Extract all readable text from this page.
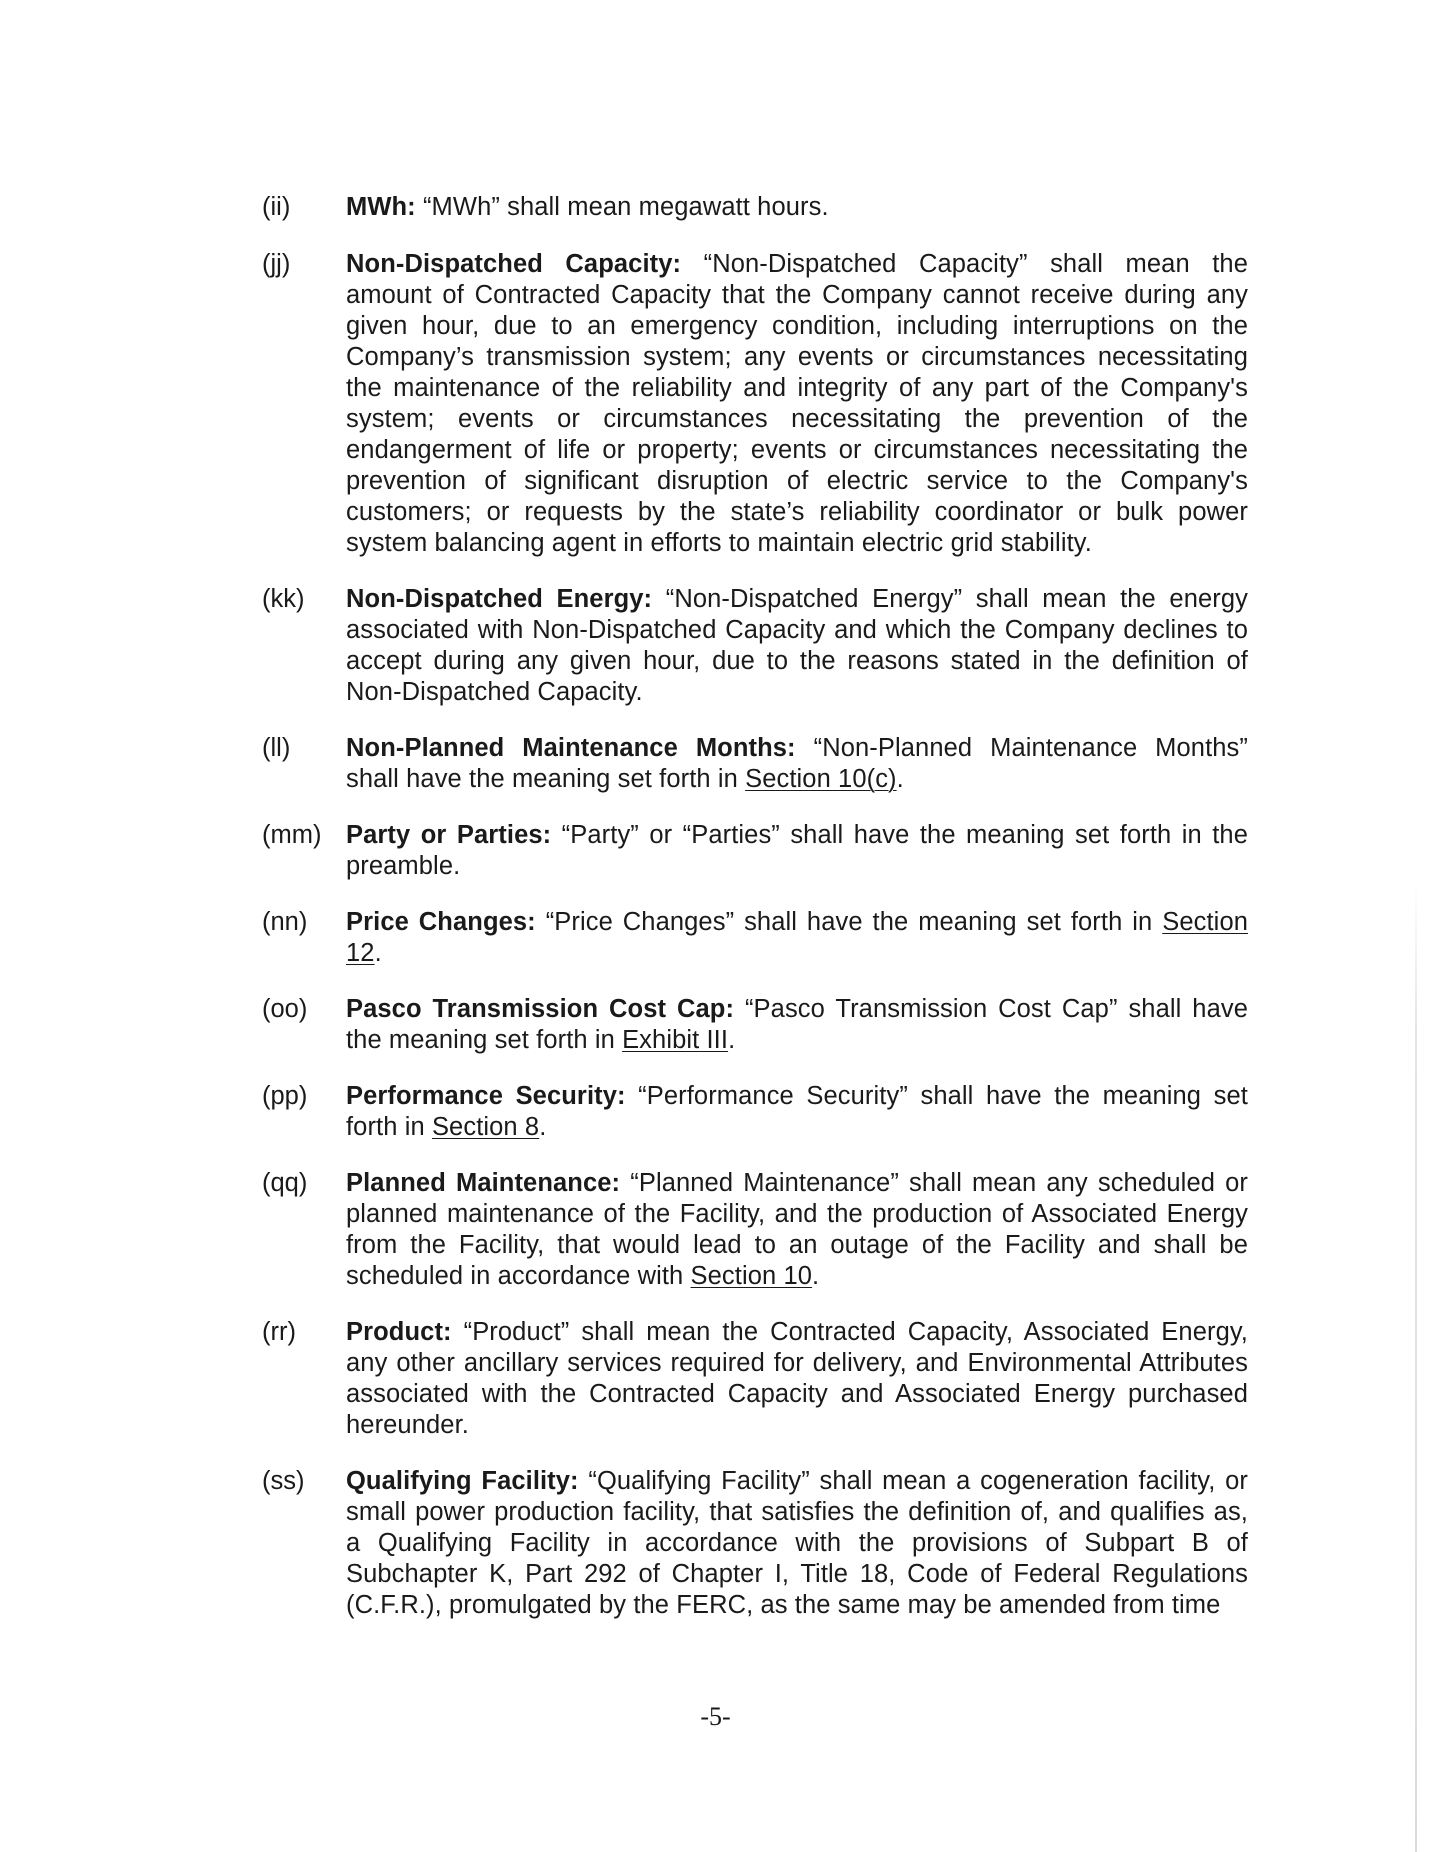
(ii)	MWh: “MWh” shall mean megawatt hours.
(jj)	Non-Dispatched Capacity: “Non-Dispatched Capacity” shall mean the amount of Contracted Capacity that the Company cannot receive during any given hour, due to an emergency condition, including interruptions on the Company’s transmission system; any events or circumstances necessitating the maintenance of the reliability and integrity of any part of the Company's system; events or circumstances necessitating the prevention of the endangerment of life or property; events or circumstances necessitating the prevention of significant disruption of electric service to the Company's customers; or requests by the state’s reliability coordinator or bulk power system balancing agent in efforts to maintain electric grid stability.
(kk)	Non-Dispatched Energy: “Non-Dispatched Energy” shall mean the energy associated with Non-Dispatched Capacity and which the Company declines to accept during any given hour, due to the reasons stated in the definition of Non-Dispatched Capacity.
(ll)	Non-Planned Maintenance Months: “Non-Planned Maintenance Months” shall have the meaning set forth in Section 10(c).
(mm) Party or Parties: “Party” or “Parties” shall have the meaning set forth in the preamble.
(nn)	Price Changes: “Price Changes” shall have the meaning set forth in Section 12.
(oo)	Pasco Transmission Cost Cap: “Pasco Transmission Cost Cap” shall have the meaning set forth in Exhibit III.
(pp)	Performance Security: “Performance Security” shall have the meaning set forth in Section 8.
(qq)	Planned Maintenance: “Planned Maintenance” shall mean any scheduled or planned maintenance of the Facility, and the production of Associated Energy from the Facility, that would lead to an outage of the Facility and shall be scheduled in accordance with Section 10.
(rr)	Product: “Product” shall mean the Contracted Capacity, Associated Energy, any other ancillary services required for delivery, and Environmental Attributes associated with the Contracted Capacity and Associated Energy purchased hereunder.
(ss)	Qualifying Facility: “Qualifying Facility” shall mean a cogeneration facility, or small power production facility, that satisfies the definition of, and qualifies as, a Qualifying Facility in accordance with the provisions of Subpart B of Subchapter K, Part 292 of Chapter I, Title 18, Code of Federal Regulations (C.F.R.), promulgated by the FERC, as the same may be amended from time
-5-
